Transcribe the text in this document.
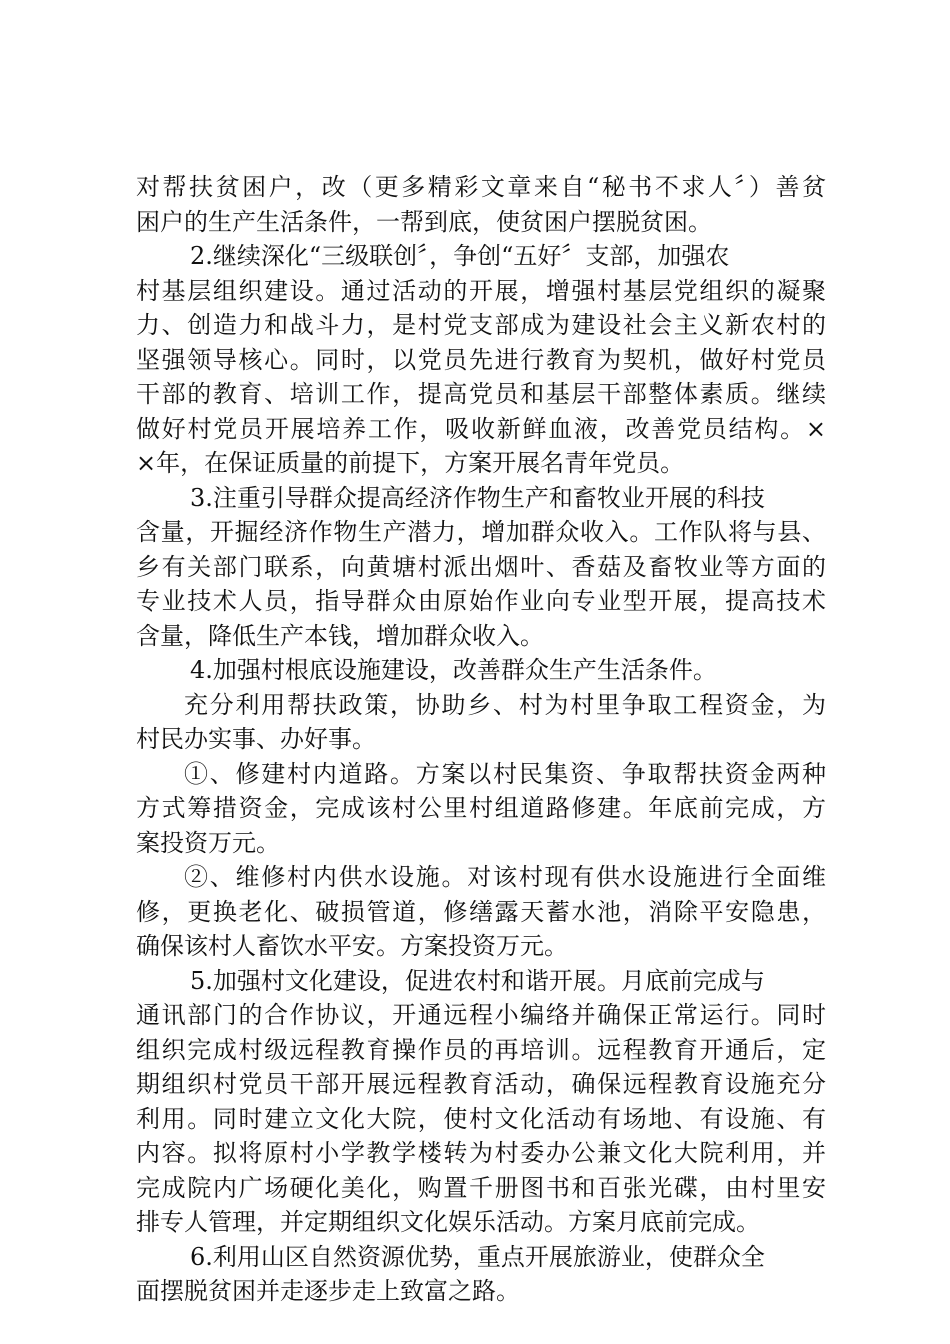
对帮扶贫困户，改（更多精彩文章来自“秘书不求人〞）善贫
困户的生产生活条件，一帮到底，使贫困户摆脱贫困。
2.继续深化“三级联创〞，争创“五好〞支部，加强农
村基层组织建设。通过活动的开展，增强村基层党组织的凝聚
力、创造力和战斗力，是村党支部成为建设社会主义新农村的
坚强领导核心。同时，以党员先进行教育为契机，做好村党员
干部的教育、培训工作，提高党员和基层干部整体素质。继续
做好村党员开展培养工作，吸收新鲜血液，改善党员结构。×
×年，在保证质量的前提下，方案开展名青年党员。
3.注重引导群众提高经济作物生产和畜牧业开展的科技
含量，开掘经济作物生产潜力，增加群众收入。工作队将与县、
乡有关部门联系，向黄塘村派出烟叶、香菇及畜牧业等方面的
专业技术人员，指导群众由原始作业向专业型开展，提高技术
含量，降低生产本钱，增加群众收入。
4.加强村根底设施建设，改善群众生产生活条件。
充分利用帮扶政策，协助乡、村为村里争取工程资金，为
村民办实事、办好事。
①、修建村内道路。方案以村民集资、争取帮扶资金两种
方式筹措资金，完成该村公里村组道路修建。年底前完成，方
案投资万元。
②、维修村内供水设施。对该村现有供水设施进行全面维
修，更换老化、破损管道，修缮露天蓄水池，消除平安隐患，
确保该村人畜饮水平安。方案投资万元。
5.加强村文化建设，促进农村和谐开展。月底前完成与
通讯部门的合作协议，开通远程小编络并确保正常运行。同时
组织完成村级远程教育操作员的再培训。远程教育开通后，定
期组织村党员干部开展远程教育活动，确保远程教育设施充分
利用。同时建立文化大院，使村文化活动有场地、有设施、有
内容。拟将原村小学教学楼转为村委办公兼文化大院利用，并
完成院内广场硬化美化，购置千册图书和百张光碟，由村里安
排专人管理，并定期组织文化娱乐活动。方案月底前完成。
6.利用山区自然资源优势，重点开展旅游业，使群众全
面摆脱贫困并走逐步走上致富之路。
